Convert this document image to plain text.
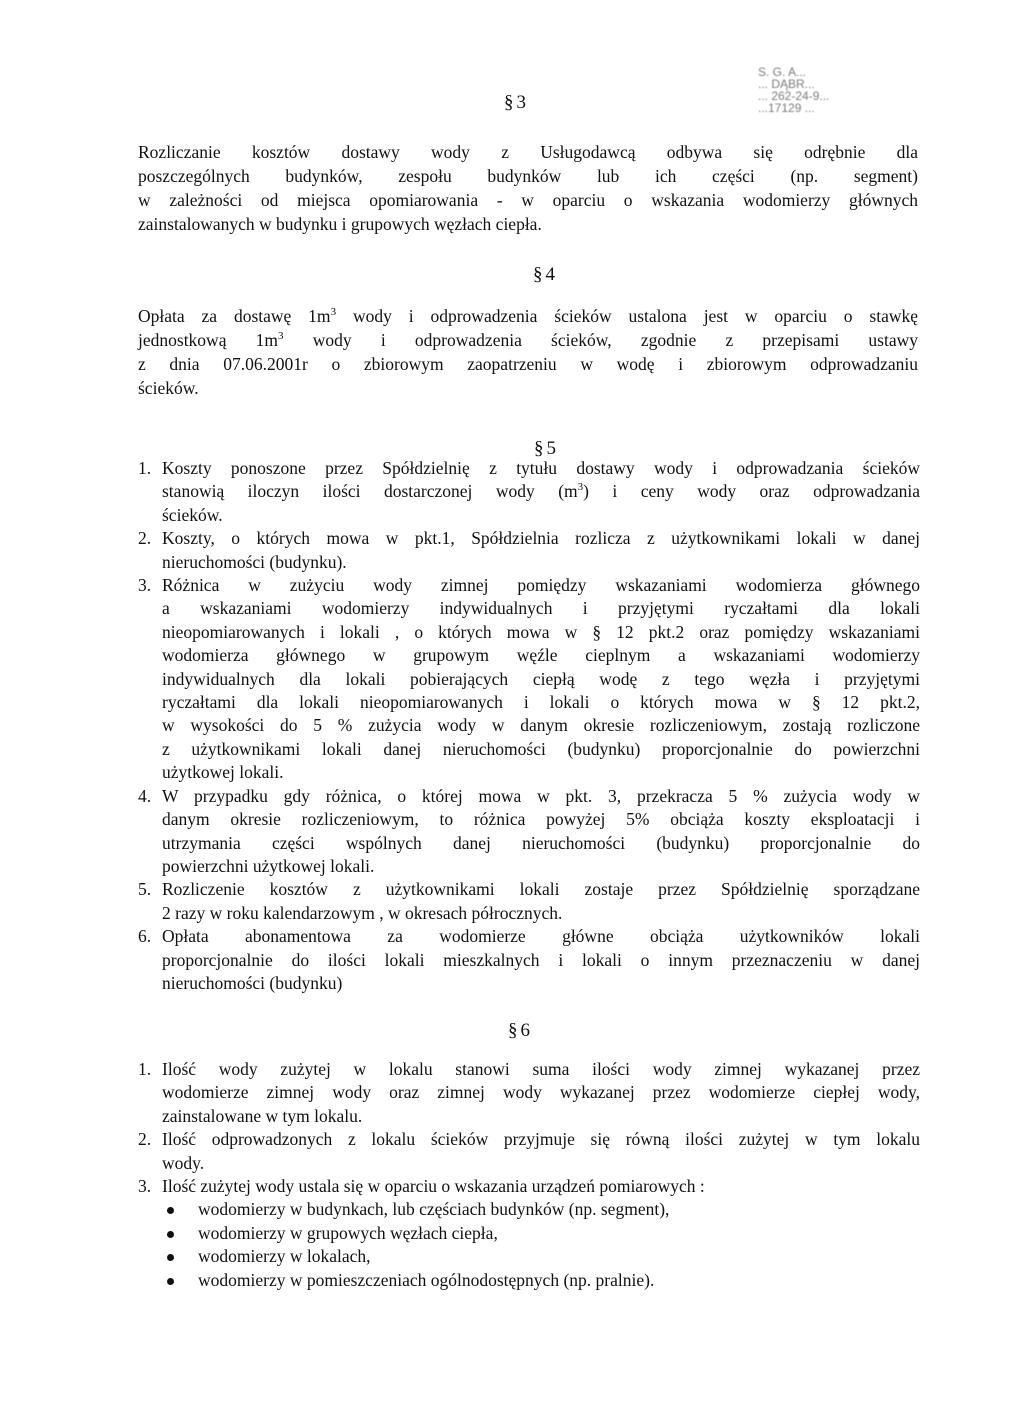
S. G. A...
... DĄBR...
... 262-24-9...
...17129 ...
§ 3
Rozliczanie kosztów dostawy wody z Usługodawcą odbywa się odrębnie dla
poszczególnych budynków, zespołu budynków lub ich części (np. segment)
w zależności od miejsca opomiarowania - w oparciu o wskazania wodomierzy głównych
zainstalowanych w budynku i grupowych węzłach ciepła.
§ 4
Opłata za dostawę $1m^3$ wody i odprowadzenia ścieków ustalona jest w oparciu o stawkę
jednostkową $1m^3$ wody i odprowadzenia ścieków, zgodnie z przepisami ustawy
z dnia 07.06.2001r o zbiorowym zaopatrzeniu w wodę i zbiorowym odprowadzaniu
ścieków.
§ 5
1. Koszty ponoszone przez Spółdzielnię z tytułu dostawy wody i odprowadzania ścieków
stanowią iloczyn ilości dostarczonej wody $(m^3)$ i ceny wody oraz odprowadzania
ścieków.
2. Koszty, o których mowa w pkt.1, Spółdzielnia rozlicza z użytkownikami lokali w danej
nieruchomości (budynku).
3. Różnica w zużyciu wody zimnej pomiędzy wskazaniami wodomierza głównego
a wskazaniami wodomierzy indywidualnych i przyjętymi ryczałtami dla lokali
nieopomiarowanych i lokali , o których mowa w § 12 pkt.2 oraz pomiędzy wskazaniami
wodomierza głównego w grupowym węźle cieplnym a wskazaniami wodomierzy
indywidualnych dla lokali pobierających ciepłą wodę z tego węzła i przyjętymi
ryczałtami dla lokali nieopomiarowanych i lokali o których mowa w § 12 pkt.2,
w wysokości do 5 % zużycia wody w danym okresie rozliczeniowym, zostają rozliczone
z użytkownikami lokali danej nieruchomości (budynku) proporcjonalnie do powierzchni
użytkowej lokali.
4. W przypadku gdy różnica, o której mowa w pkt. 3, przekracza 5 % zużycia wody w
danym okresie rozliczeniowym, to różnica powyżej 5% obciąża koszty eksploatacji i
utrzymania części wspólnych danej nieruchomości (budynku) proporcjonalnie do
powierzchni użytkowej lokali.
5. Rozliczenie kosztów z użytkownikami lokali zostaje przez Spółdzielnię sporządzane
2 razy w roku kalendarzowym , w okresach półrocznych.
6. Opłata abonamentowa za wodomierze główne obciąża użytkowników lokali
proporcjonalnie do ilości lokali mieszkalnych i lokali o innym przeznaczeniu w danej
nieruchomości (budynku)
§ 6
1. Ilość wody zużytej w lokalu stanowi suma ilości wody zimnej wykazanej przez
wodomierze zimnej wody oraz zimnej wody wykazanej przez wodomierze ciepłej wody,
zainstalowane w tym lokalu.
2. Ilość odprowadzonych z lokalu ścieków przyjmuje się równą ilości zużytej w tym lokalu
wody.
3. Ilość zużytej wody ustala się w oparciu o wskazania urządzeń pomiarowych :
wodomierzy w budynkach, lub częściach budynków (np. segment),
wodomierzy w grupowych węzłach ciepła,
wodomierzy w lokalach,
wodomierzy w pomieszczeniach ogólnodostępnych (np. pralnie).
